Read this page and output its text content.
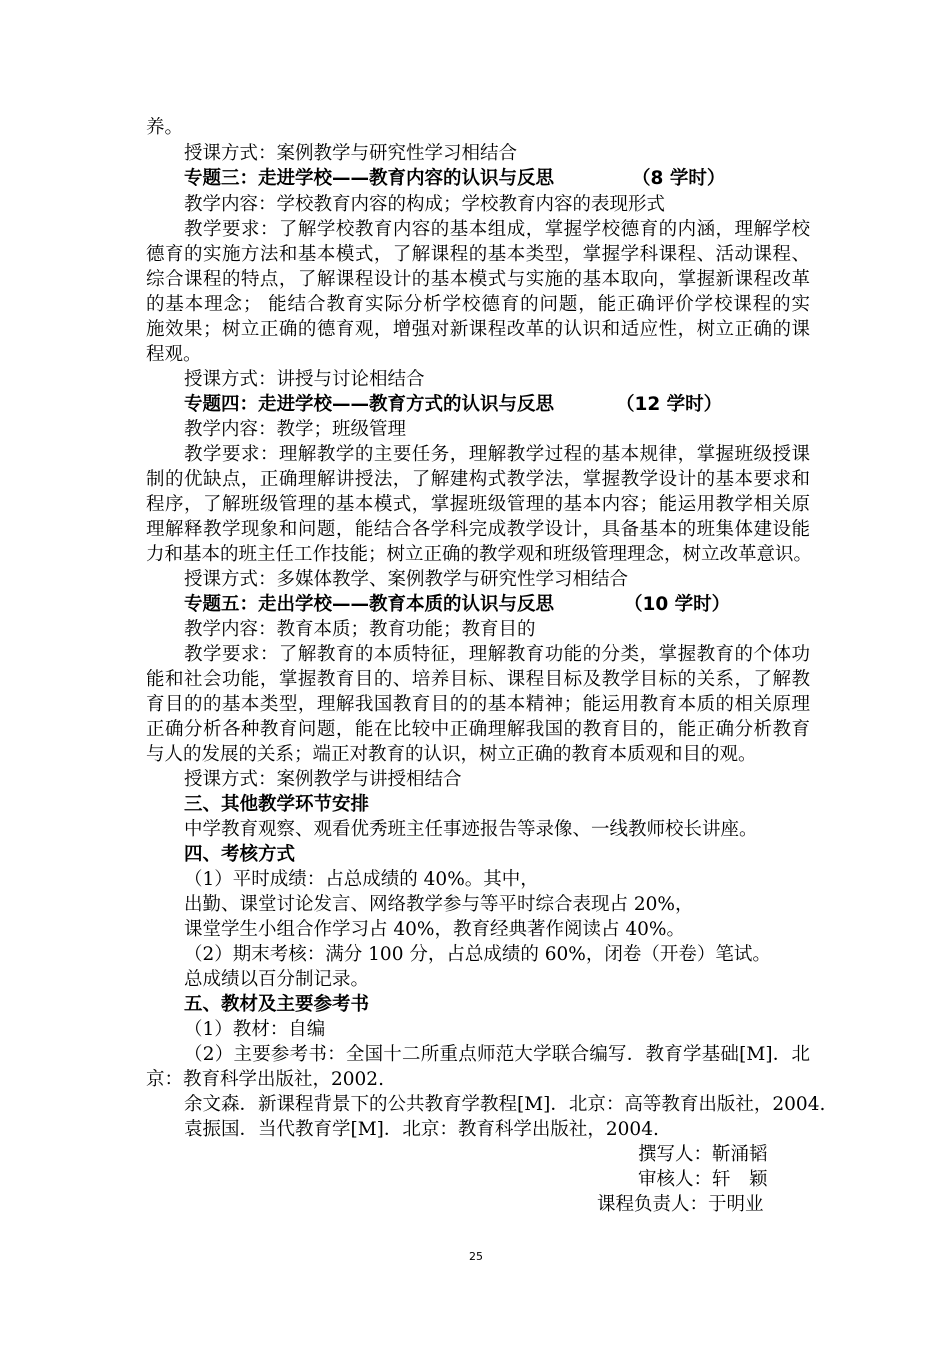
养。
授课方式：案例教学与研究性学习相结合
专题三：走进学校——教育内容的认识与反思	（8 学时）
教学内容：学校教育内容的构成；学校教育内容的表现形式
教学要求：了解学校教育内容的基本组成，掌握学校德育的内涵，理解学校
德育的实施方法和基本模式，了解课程的基本类型，掌握学科课程、活动课程、
综合课程的特点，了解课程设计的基本模式与实施的基本取向，掌握新课程改革
的基本理念； 能结合教育实际分析学校德育的问题，能正确评价学校课程的实
施效果；树立正确的德育观，增强对新课程改革的认识和适应性，树立正确的课
程观。
授课方式：讲授与讨论相结合
专题四：走进学校——教育方式的认识与反思	（12 学时）
教学内容：教学；班级管理
教学要求：理解教学的主要任务，理解教学过程的基本规律，掌握班级授课
制的优缺点，正确理解讲授法，了解建构式教学法，掌握教学设计的基本要求和
程序，了解班级管理的基本模式，掌握班级管理的基本内容；能运用教学相关原
理解释教学现象和问题，能结合各学科完成教学设计，具备基本的班集体建设能
力和基本的班主任工作技能；树立正确的教学观和班级管理理念，树立改革意识。
授课方式：多媒体教学、案例教学与研究性学习相结合
专题五：走出学校——教育本质的认识与反思	（10 学时）
教学内容：教育本质；教育功能；教育目的
教学要求：了解教育的本质特征，理解教育功能的分类，掌握教育的个体功
能和社会功能，掌握教育目的、培养目标、课程目标及教学目标的关系，了解教
育目的的基本类型，理解我国教育目的的基本精神；能运用教育本质的相关原理
正确分析各种教育问题，能在比较中正确理解我国的教育目的，能正确分析教育
与人的发展的关系；端正对教育的认识，树立正确的教育本质观和目的观。
授课方式：案例教学与讲授相结合
三、其他教学环节安排
中学教育观察、观看优秀班主任事迹报告等录像、一线教师校长讲座。
四、考核方式
（1）平时成绩：占总成绩的 40%。其中，
出勤、课堂讨论发言、网络教学参与等平时综合表现占 20%，
课堂学生小组合作学习占 40%，教育经典著作阅读占 40%。
（2）期末考核：满分 100 分，占总成绩的 60%，闭卷（开卷）笔试。
总成绩以百分制记录。
五、教材及主要参考书
（1）教材：自编
（2）主要参考书：全国十二所重点师范大学联合编写．教育学基础[M]．北
京：教育科学出版社，2002.
余文森．新课程背景下的公共教育学教程[M]．北京：高等教育出版社，2004.
袁振国．当代教育学[M]．北京：教育科学出版社，2004.
撰写人：靳涌韬
审核人：轩　颖
课程负责人：于明业
25
